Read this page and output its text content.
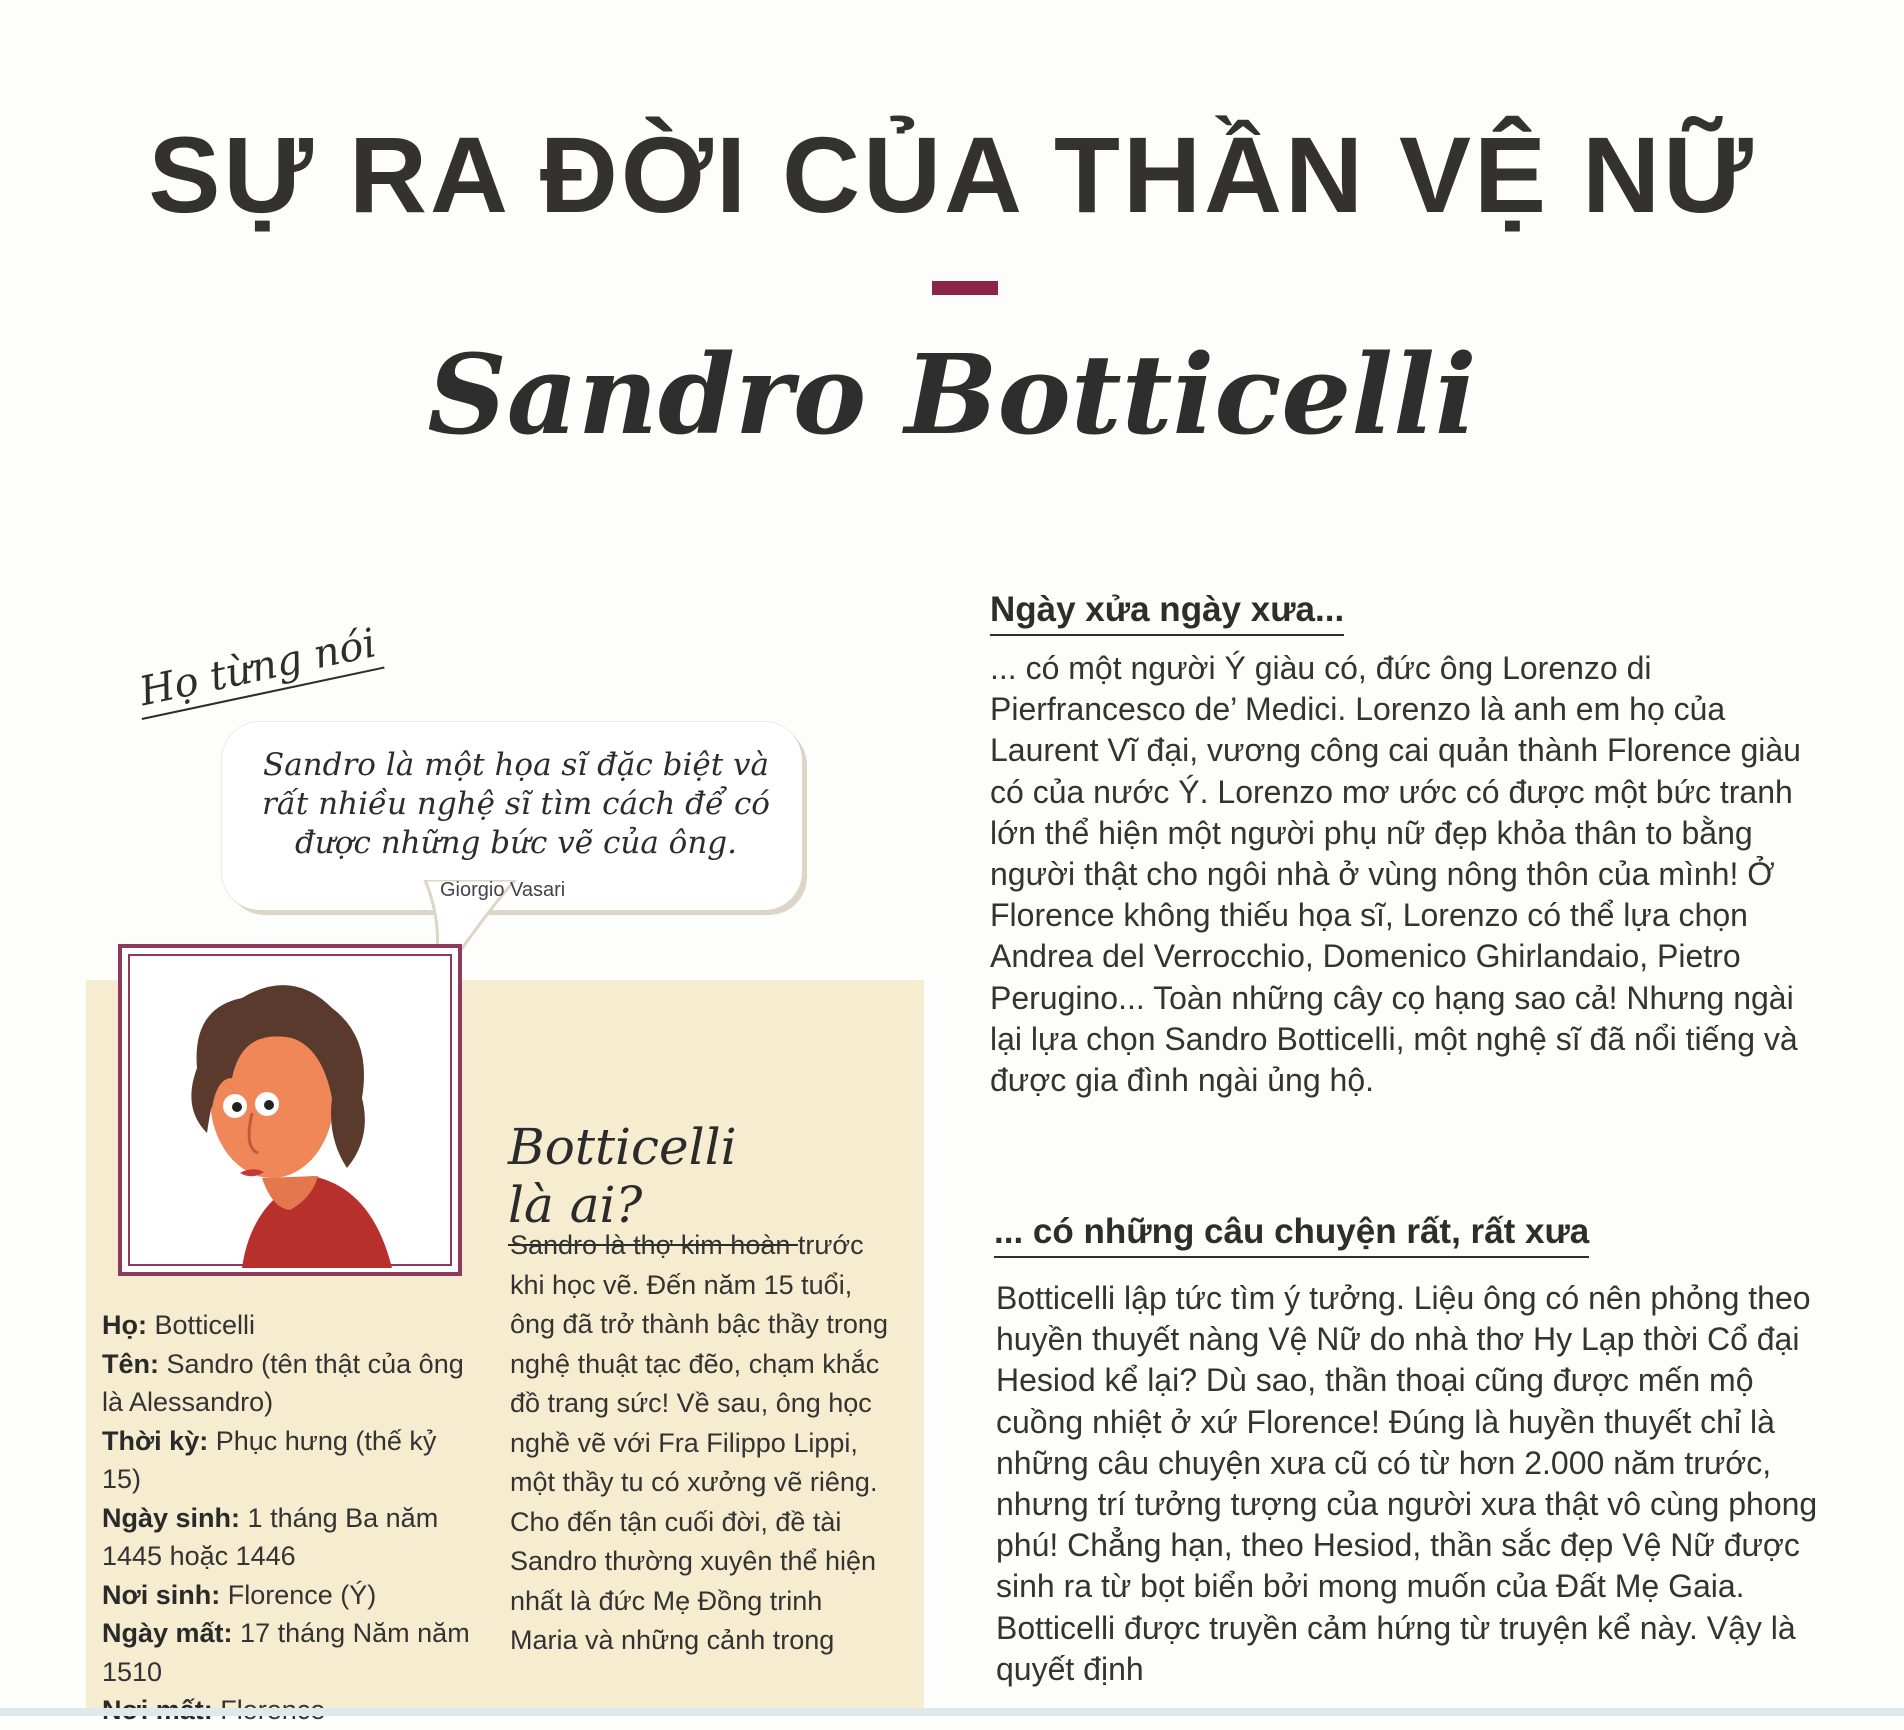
SỰ RA ĐỜI CỦA THẦN VỆ NỮ
Sandro Botticelli
Họ từng nói
Sandro là một họa sĩ đặc biệt và rất nhiều nghệ sĩ tìm cách để có được những bức vẽ của ông.
Giorgio Vasari
Botticelli là ai?
Họ: Botticelli
Tên: Sandro (tên thật của ông là Alessandro)
Thời kỳ: Phục hưng (thế kỷ 15)
Ngày sinh: 1 tháng Ba năm 1445 hoặc 1446
Nơi sinh: Florence (Ý)
Ngày mất: 17 tháng Năm năm 1510
Sandro là thợ kim hoàn trước khi học vẽ. Đến năm 15 tuổi, ông đã trở thành bậc thầy trong nghệ thuật tạc đẽo, chạm khắc đồ trang sức! Về sau, ông học nghề vẽ với Fra Filippo Lippi, một thầy tu có xưởng vẽ riêng. Cho đến tận cuối đời, đề tài Sandro thường xuyên thể hiện nhất là đức Mẹ Đồng trinh Maria và những cảnh trong
Ngày xửa ngày xưa...
... có một người Ý giàu có, đức ông Lorenzo di Pierfrancesco de’ Medici. Lorenzo là anh em họ của Laurent Vĩ đại, vương công cai quản thành Florence giàu có của nước Ý. Lorenzo mơ ước có được một bức tranh lớn thể hiện một người phụ nữ đẹp khỏa thân to bằng người thật cho ngôi nhà ở vùng nông thôn của mình! Ở Florence không thiếu họa sĩ, Lorenzo có thể lựa chọn Andrea del Verrocchio, Domenico Ghirlandaio, Pietro Perugino... Toàn những cây cọ hạng sao cả! Nhưng ngài lại lựa chọn Sandro Botticelli, một nghệ sĩ đã nổi tiếng và được gia đình ngài ủng hộ.
... có những câu chuyện rất, rất xưa
Botticelli lập tức tìm ý tưởng. Liệu ông có nên phỏng theo huyền thuyết nàng Vệ Nữ do nhà thơ Hy Lạp thời Cổ đại Hesiod kể lại? Dù sao, thần thoại cũng được mến mộ cuồng nhiệt ở xứ Florence! Đúng là huyền thuyết chỉ là những câu chuyện xưa cũ có từ hơn 2.000 năm trước, nhưng trí tưởng tượng của người xưa thật vô cùng phong phú! Chẳng hạn, theo Hesiod, thần sắc đẹp Vệ Nữ được sinh ra từ bọt biển bởi mong muốn của Đất Mẹ Gaia. Botticelli được truyền cảm hứng từ truyện kể này. Vậy là quyết định
